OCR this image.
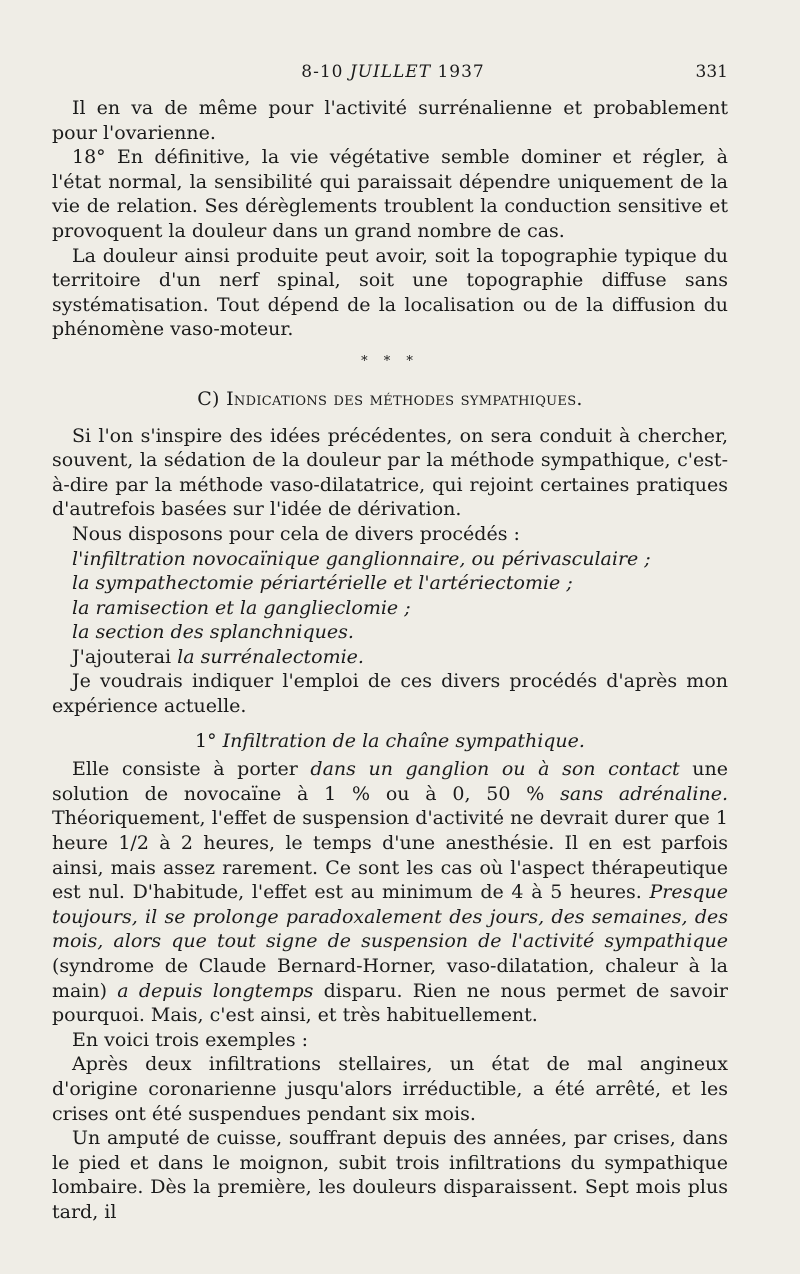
8-10 JUILLET 1937	331

Il en va de même pour l'activité surrénalienne et probablement pour l'ovarienne.

18° En définitive, la vie végétative semble dominer et régler, à l'état normal, la sensibilité qui paraissait dépendre uniquement de la vie de relation. Ses dérèglements troublent la conduction sensitive et provoquent la douleur dans un grand nombre de cas.

La douleur ainsi produite peut avoir, soit la topographie typique du territoire d'un nerf spinal, soit une topographie diffuse sans systématisation. Tout dépend de la localisation ou de la diffusion du phénomène vaso-moteur.

* * *
C) Indications des méthodes sympathiques.

Si l'on s'inspire des idées précédentes, on sera conduit à chercher, souvent, la sédation de la douleur par la méthode sympathique, c'est-à-dire par la méthode vaso-dilatatrice, qui rejoint certaines pratiques d'autrefois basées sur l'idée de dérivation.

Nous disposons pour cela de divers procédés :

l'infiltration novocaïnique ganglionnaire, ou périvasculaire ;

la sympathectomie périartérielle et l'artériectomie ;

la ramisection et la ganglieclomie ;

la section des splanchniques.

J'ajouterai la surrénalectomie.

Je voudrais indiquer l'emploi de ces divers procédés d'après mon expérience actuelle.

1° Infiltration de la chaîne sympathique.

Elle consiste à porter dans un ganglion ou à son contact une solution de novocaïne à 1 % ou à 0, 50 % sans adrénaline. Théoriquement, l'effet de suspension d'activité ne devrait durer que 1 heure 1/2 à 2 heures, le temps d'une anesthésie. Il en est parfois ainsi, mais assez rarement. Ce sont les cas où l'aspect thérapeutique est nul. D'habitude, l'effet est au minimum de 4 à 5 heures. Presque toujours, il se prolonge paradoxalement des jours, des semaines, des mois, alors que tout signe de suspension de l'activité sympathique (syndrome de Claude Bernard-Horner, vaso-dilatation, chaleur à la main) a depuis longtemps disparu. Rien ne nous permet de savoir pourquoi. Mais, c'est ainsi, et très habituellement.

En voici trois exemples :

Après deux infiltrations stellaires, un état de mal angineux d'origine coronarienne jusqu'alors irréductible, a été arrêté, et les crises ont été suspendues pendant six mois.

Un amputé de cuisse, souffrant depuis des années, par crises, dans le pied et dans le moignon, subit trois infiltrations du sympathique lombaire. Dès la première, les douleurs disparaissent. Sept mois plus tard, il
